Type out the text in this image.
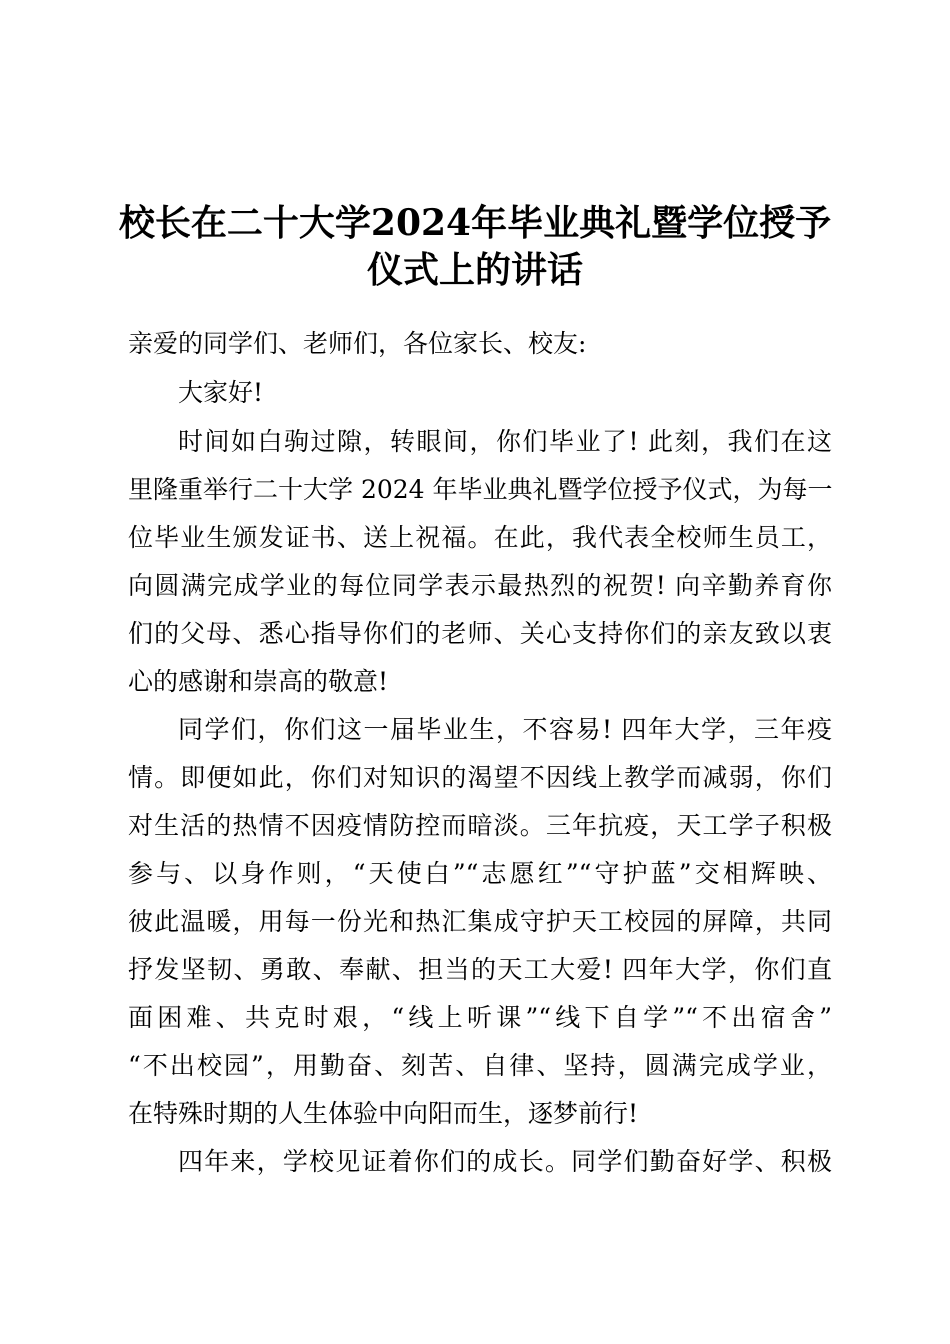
校长在二十大学2024年毕业典礼暨学位授予
仪式上的讲话
亲爱的同学们、老师们，各位家长、校友:
大家好!
时间如白驹过隙，转眼间，你们毕业了! 此刻，我们在这
里隆重举行二十大学 2024 年毕业典礼暨学位授予仪式，为每一
位毕业生颁发证书、送上祝福。在此，我代表全校师生员工，
向圆满完成学业的每位同学表示最热烈的祝贺! 向辛勤养育你
们的父母、悉心指导你们的老师、关心支持你们的亲友致以衷
心的感谢和崇高的敬意!
同学们，你们这一届毕业生，不容易! 四年大学，三年疫
情。即便如此，你们对知识的渴望不因线上教学而减弱，你们
对生活的热情不因疫情防控而暗淡。三年抗疫，天工学子积极
参与、以身作则，“天使白”“志愿红”“守护蓝”交相辉映、
彼此温暖，用每一份光和热汇集成守护天工校园的屏障，共同
抒发坚韧、勇敢、奉献、担当的天工大爱! 四年大学，你们直
面困难、共克时艰，“线上听课”“线下自学”“不出宿舍”
“不出校园”，用勤奋、刻苦、自律、坚持，圆满完成学业，
在特殊时期的人生体验中向阳而生，逐梦前行!
四年来，学校见证着你们的成长。同学们勤奋好学、积极
